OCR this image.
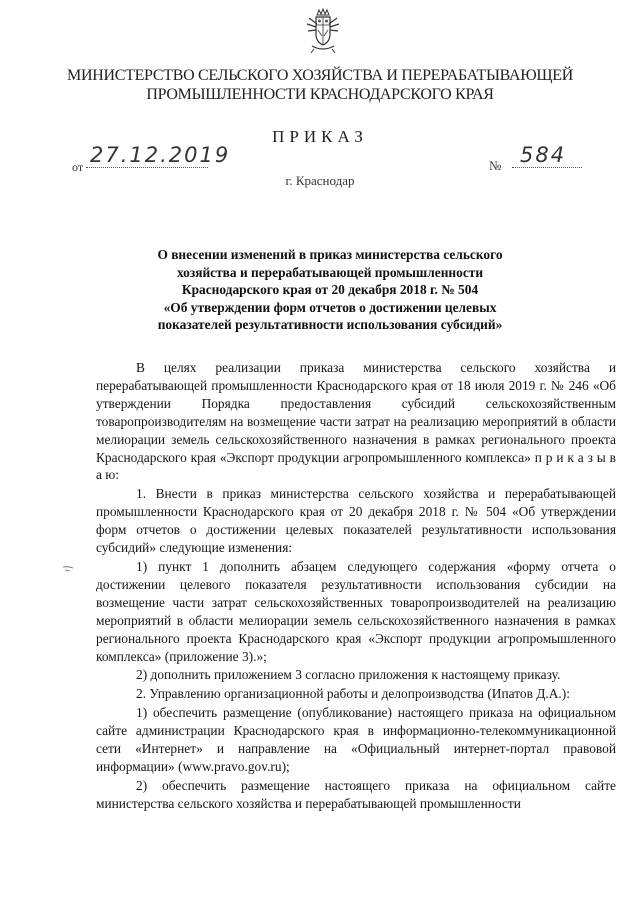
МИНИСТЕРСТВО СЕЛЬСКОГО ХОЗЯЙСТВА И ПЕРЕРАБАТЫВАЮЩЕЙ
ПРОМЫШЛЕННОСТИ КРАСНОДАРСКОГО КРАЯ
ПРИКАЗ
от 27.12.2019	№ 584
г. Краснодар
О внесении изменений в приказ министерства сельского
хозяйства и перерабатывающей промышленности
Краснодарского края от 20 декабря 2018 г. № 504
«Об утверждении форм отчетов о достижении целевых
показателей результативности использования субсидий»

В целях реализации приказа министерства сельского хозяйства и перерабатывающей промышленности Краснодарского края от 18 июля 2019 г. № 246 «Об утверждении Порядка предоставления субсидий сельскохозяйственным товаропроизводителям на возмещение части затрат на реализацию мероприятий в области мелиорации земель сельскохозяйственного назначения в рамках регионального проекта Краснодарского края «Экспорт продукции агропромышленного комплекса» п р и к а з ы в а ю:

1. Внести в приказ министерства сельского хозяйства и перерабатывающей промышленности Краснодарского края от 20 декабря 2018 г. № 504 «Об утверждении форм отчетов о достижении целевых показателей результативности использования субсидий» следующие изменения:

1) пункт 1 дополнить абзацем следующего содержания «форму отчета о достижении целевого показателя результативности использования субсидии на возмещение части затрат сельскохозяйственных товаропроизводителей на реализацию мероприятий в области мелиорации земель сельскохозяйственного назначения в рамках регионального проекта Краснодарского края «Экспорт продукции агропромышленного комплекса» (приложение 3).»;

2) дополнить приложением 3 согласно приложения к настоящему приказу.

2. Управлению организационной работы и делопроизводства (Ипатов Д.А.):

1) обеспечить размещение (опубликование) настоящего приказа на официальном сайте администрации Краснодарского края в информационно-телекоммуникационной сети «Интернет» и направление на «Официальный интернет-портал правовой информации» (www.pravo.gov.ru);

2) обеспечить размещение настоящего приказа на официальном сайте министерства сельского хозяйства и перерабатывающей промышленности
